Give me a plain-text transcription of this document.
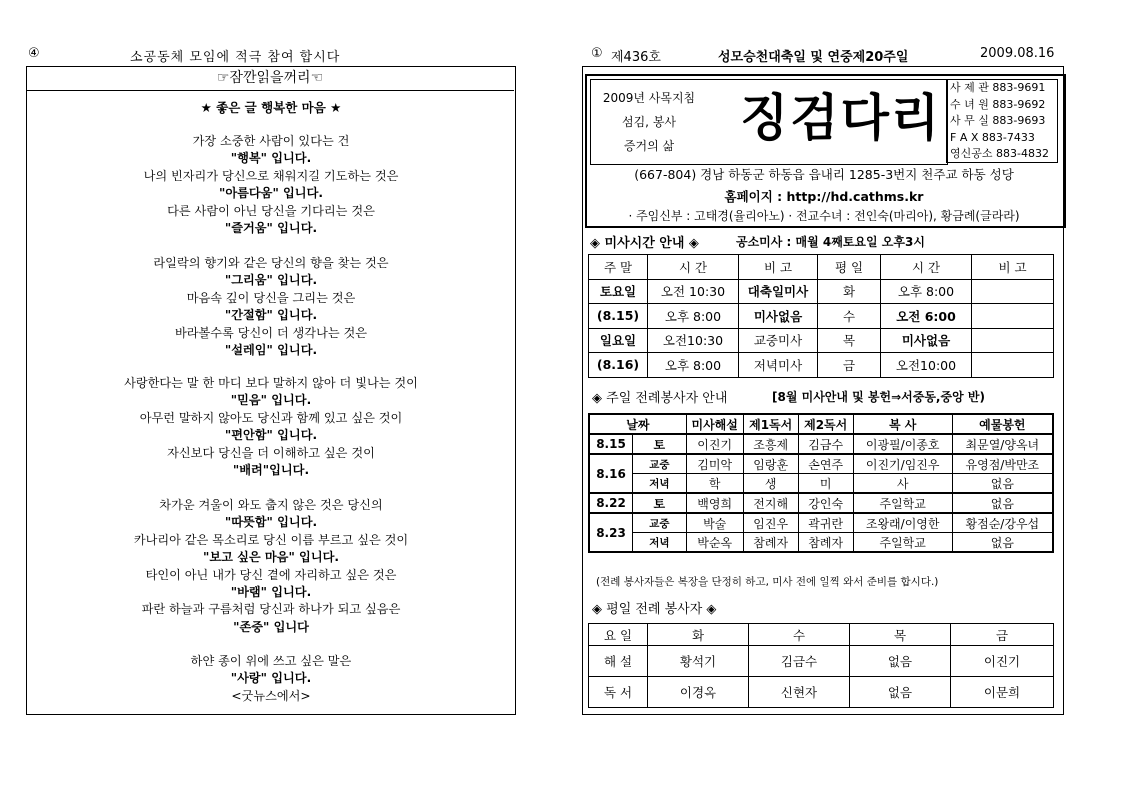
④	소공동체 모임에 적극 참여 합시다
☞잠깐읽을꺼리☜
★ 좋은 글 행복한 마음 ★
가장 소중한 사람이 있다는 건
"행복" 입니다.
나의 빈자리가 당신으로 채워지길 기도하는 것은
"아름다움" 입니다.
다른 사람이 아닌 당신을 기다리는 것은
"즐거움" 입니다.
라일락의 향기와 같은 당신의 향을 찾는 것은
"그리움" 입니다.
마음속 깊이 당신을 그리는 것은
"간절함" 입니다.
바라볼수록 당신이 더 생각나는 것은
"설레임" 입니다.
사랑한다는 말 한 마디 보다 말하지 않아 더 빛나는 것이
"믿음" 입니다.
아무런 말하지 않아도 당신과 함께 있고 싶은 것이
"편안함" 입니다.
자신보다 당신을 더 이해하고 싶은 것이
"배려"입니다.
차가운 겨울이 와도 춥지 않은 것은 당신의
"따뜻함" 입니다.
카나리아 같은 목소리로 당신 이름 부르고 싶은 것이
"보고 싶은 마음" 입니다.
타인이 아닌 내가 당신 곁에 자리하고 싶은 것은
"바램" 입니다.
파란 하늘과 구름처럼 당신과 하나가 되고 싶음은
"존중" 입니다
하얀 종이 위에 쓰고 싶은 말은
"사랑" 입니다.
<굿뉴스에서>
① 제436호	성모승천대축일 및 연중제20주일	2009.08.16
2009년 사목지침
섬김, 봉사
증거의 삶	징검다리
사 제 관 883-9691
수 녀 원 883-9692
사 무 실 883-9693
F A X 883-7433
영신공소 883-4832
(667-804) 경남 하동군 하동읍 읍내리 1285-3번지 천주교 하동 성당
홈페이지 : http://hd.cathms.kr
· 주임신부 : 고태경(율리아노) · 전교수녀 : 전인숙(마리아), 황금례(글라라)
◈ 미사시간 안내 ◈	공소미사 : 매월 4째토요일 오후3시
주 말	시 간	비 고	평 일	시 간	비 고
토요일	오전 10:30	대축일미사	화	오후 8:00	
(8.15)	오후 8:00	미사없음	수	오전 6:00	
일요일	오전10:30	교중미사	목	미사없음	
(8.16)	오후 8:00	저녁미사	금	오전10:00	
◈ 주일 전례봉사자 안내	[8월 미사안내 및 봉헌⇒서중동,중앙 반)
날짜		미사해설	제1독서	제2독서	복 사	예물봉헌
8.15	토	이진기	조흥제	김금수	이광필/이종호	최문열/양옥녀
8.16	교중	김미악	임랑훈	손연주	이진기/임진우	유영점/박만조
	저녁	학	생	미	사	없음
8.22	토	백영희	전지해	강인숙	주일학교	없음
8.23	교중	박술	임진우	곽귀란	조왕래/이영한	황점순/강우섭
	저녁	박순옥	참례자	참례자	주일학교	없음
(전례 봉사자들은 복장을 단정히 하고, 미사 전에 일찍 와서 준비를 합시다.)
◈ 평일 전례 봉사자 ◈
요 일	화	수	목	금
해 설	황석기	김금수	없음	이진기
독 서	이경옥	신현자	없음	이문희
